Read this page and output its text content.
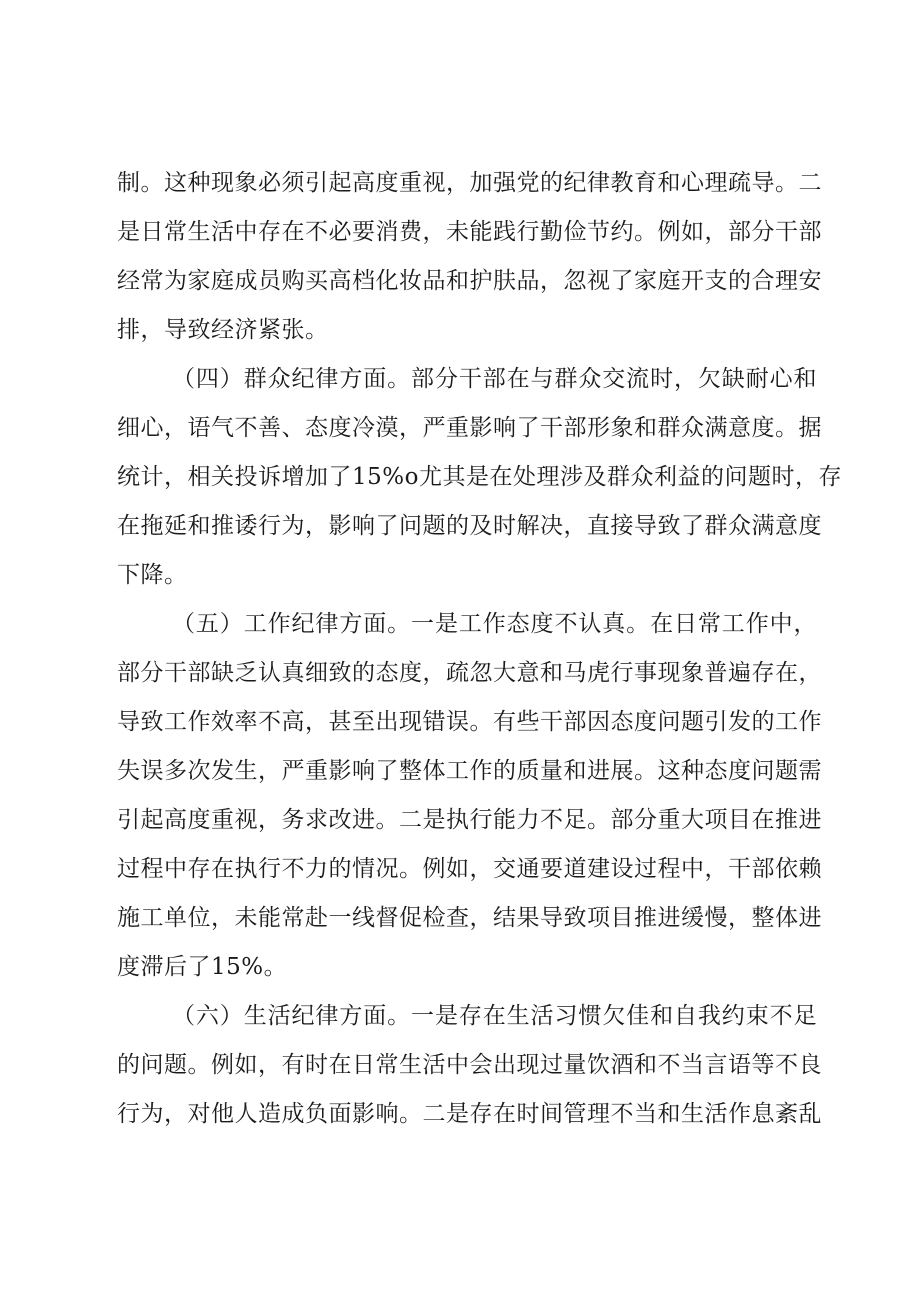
制。这种现象必须引起高度重视，加强党的纪律教育和心理疏导。二
是日常生活中存在不必要消费，未能践行勤俭节约。例如，部分干部
经常为家庭成员购买高档化妆品和护肤品，忽视了家庭开支的合理安
排，导致经济紧张。
（四）群众纪律方面。部分干部在与群众交流时，欠缺耐心和
细心，语气不善、态度冷漠，严重影响了干部形象和群众满意度。据
统计，相关投诉增加了15%o尤其是在处理涉及群众利益的问题时，存
在拖延和推诿行为，影响了问题的及时解决，直接导致了群众满意度
下降。
（五）工作纪律方面。一是工作态度不认真。在日常工作中，
部分干部缺乏认真细致的态度，疏忽大意和马虎行事现象普遍存在，
导致工作效率不高，甚至出现错误。有些干部因态度问题引发的工作
失误多次发生，严重影响了整体工作的质量和进展。这种态度问题需
引起高度重视，务求改进。二是执行能力不足。部分重大项目在推进
过程中存在执行不力的情况。例如，交通要道建设过程中，干部依赖
施工单位，未能常赴一线督促检查，结果导致项目推进缓慢，整体进
度滞后了15%。
（六）生活纪律方面。一是存在生活习惯欠佳和自我约束不足
的问题。例如，有时在日常生活中会出现过量饮酒和不当言语等不良
行为，对他人造成负面影响。二是存在时间管理不当和生活作息紊乱
